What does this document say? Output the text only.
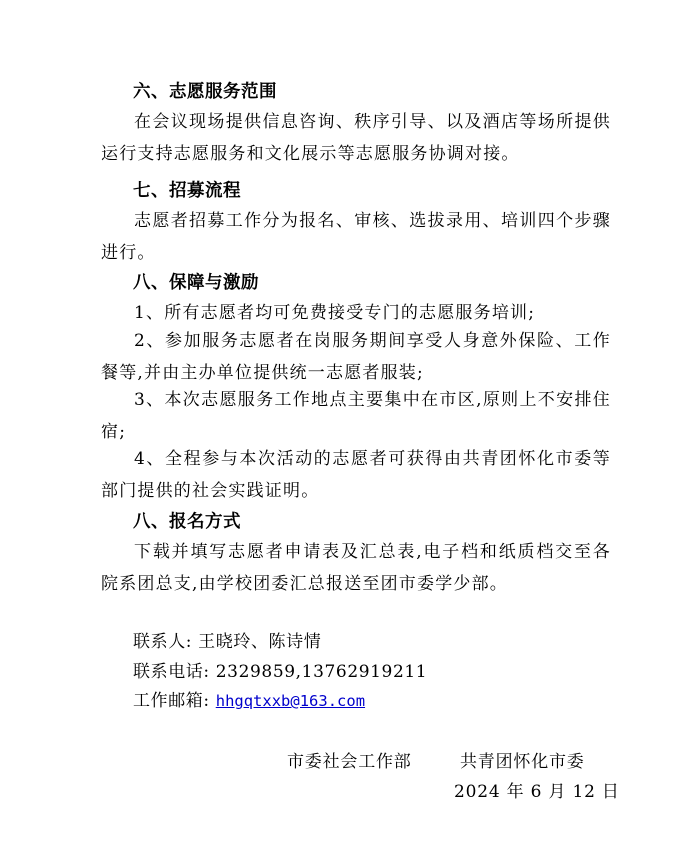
六、志愿服务范围
在会议现场提供信息咨询、秩序引导、以及酒店等场所提供运行支持志愿服务和文化展示等志愿服务协调对接。
七、招募流程
志愿者招募工作分为报名、审核、选拔录用、培训四个步骤进行。
八、保障与激励
1、所有志愿者均可免费接受专门的志愿服务培训;
2、参加服务志愿者在岗服务期间享受人身意外保险、工作餐等,并由主办单位提供统一志愿者服装;
3、本次志愿服务工作地点主要集中在市区,原则上不安排住宿;
4、全程参与本次活动的志愿者可获得由共青团怀化市委等部门提供的社会实践证明。
八、报名方式
下载并填写志愿者申请表及汇总表,电子档和纸质档交至各院系团总支,由学校团委汇总报送至团市委学少部。
联系人: 王晓玲、陈诗情
联系电话: 2329859,13762919211
工作邮箱: hhgqtxxb@163.com
市委社会工作部	共青团怀化市委
2024 年 6 月 12 日
